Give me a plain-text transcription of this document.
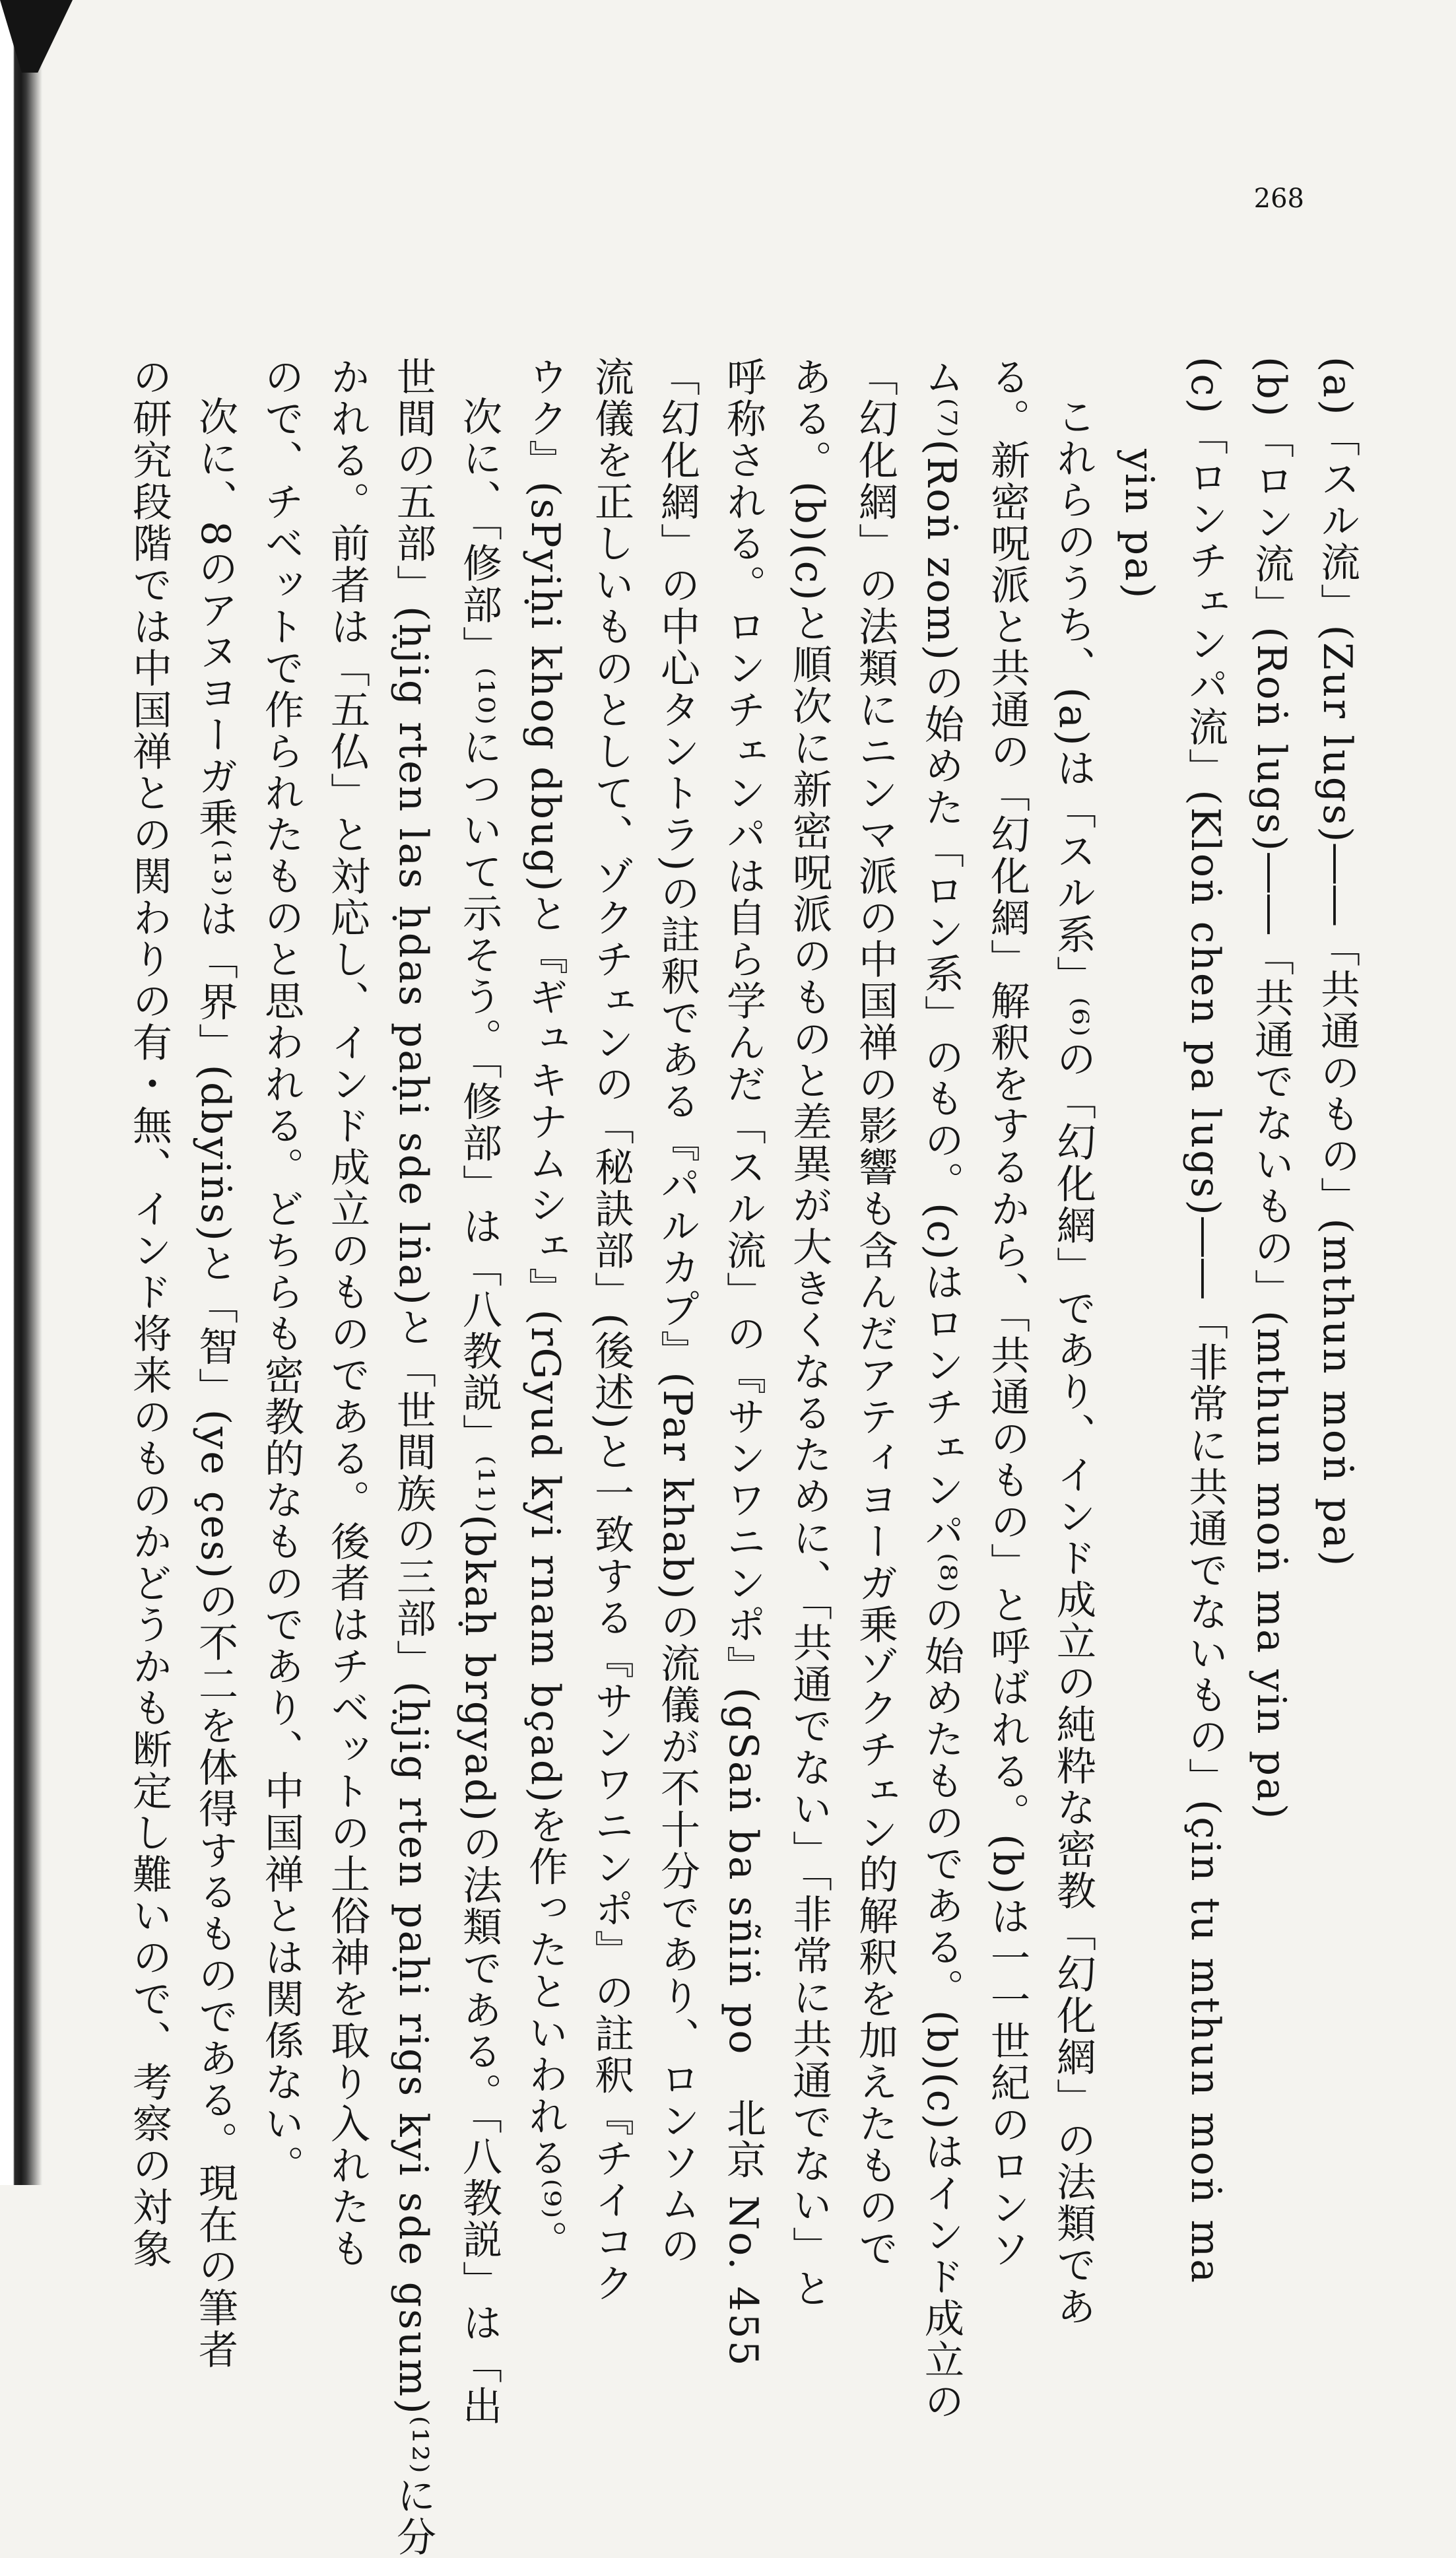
268
(a)「スル流」(Zur lugs)――「共通のもの」(mthun moṅ pa)
(b)「ロン流」(Roṅ lugs)――「共通でないもの」(mthun moṅ ma yin pa)
(c)「ロンチェンパ流」(Kloṅ chen pa lugs)――「非常に共通でないもの」(çin tu mthun moṅ ma
yin pa)
これらのうち、(a)は「スル系」⁽⁶⁾の「幻化網」であり、インド成立の純粋な密教「幻化網」の法類であ
る。新密呪派と共通の「幻化網」解釈をするから、「共通のもの」と呼ばれる。(b)は一一世紀のロンソ
ム⁽⁷⁾(Roṅ zom)の始めた「ロン系」のもの。(c)はロンチェンパ⁽⁸⁾の始めたものである。(b)(c)はインド成立の
「幻化網」の法類にニンマ派の中国禅の影響も含んだアティヨーガ乗ゾクチェン的解釈を加えたもので
ある。(b)(c)と順次に新密呪派のものと差異が大きくなるために、「共通でない」「非常に共通でない」と
呼称される。ロンチェンパは自ら学んだ「スル流」の『サンワニンポ』(gSaṅ ba sñiṅ po　北京 No. 455
「幻化網」の中心タントラ)の註釈である『パルカプ』(Par khab)の流儀が不十分であり、ロンソムの
流儀を正しいものとして、ゾクチェンの「秘訣部」(後述)と一致する『サンワニンポ』の註釈『チイコク
ウク』(sPyiḥi khog dbug)と『ギュキナムシェ』(rGyud kyi rnam bçad)を作ったといわれる⁽⁹⁾。
次に、「修部」⁽¹⁰⁾について示そう。「修部」は「八教説」⁽¹¹⁾(bkaḥ brgyad)の法類である。「八教説」は「出
世間の五部」(ḥjig rten las ḥdas paḥi sde lṅa)と「世間族の三部」(ḥjig rten paḥi rigs kyi sde gsum)⁽¹²⁾に分
かれる。前者は「五仏」と対応し、インド成立のものである。後者はチベットの土俗神を取り入れたも
ので、チベットで作られたものと思われる。どちらも密教的なものであり、中国禅とは関係ない。
次に、8のアヌヨーガ乗⁽¹³⁾は「界」(dbyiṅs)と「智」(ye çes)の不二を体得するものである。現在の筆者
の研究段階では中国禅との関わりの有・無、インド将来のものかどうかも断定し難いので、考察の対象
